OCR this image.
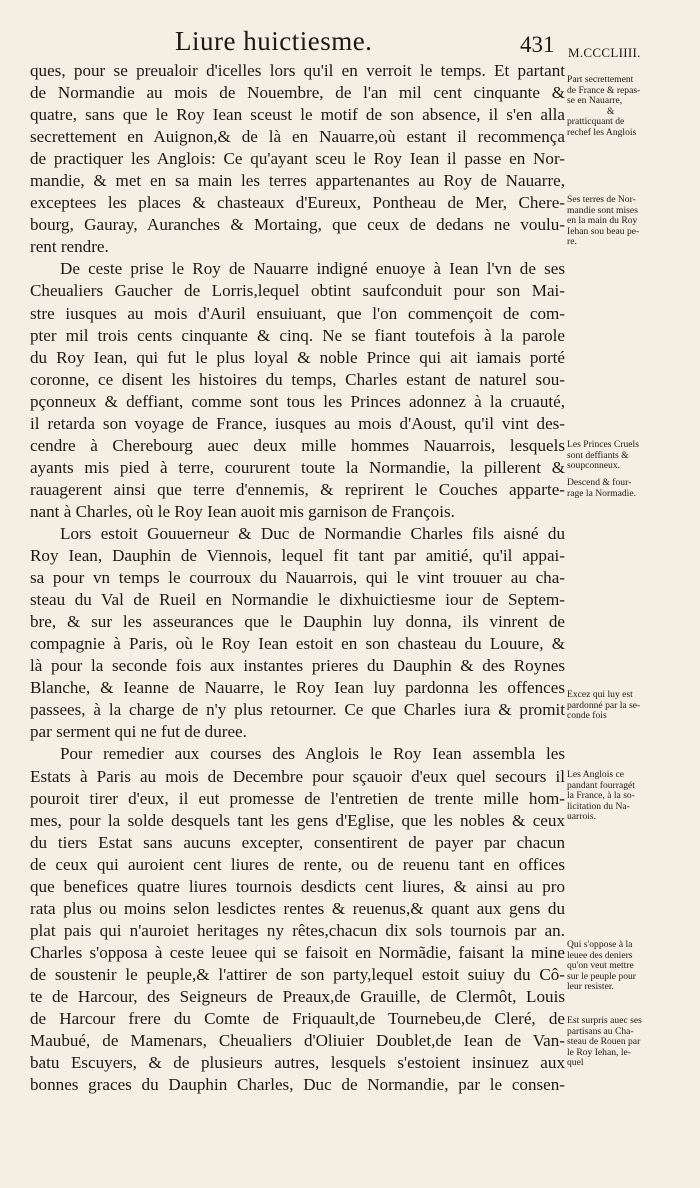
Liure huictiesme.	431 M.CCCLIIII.
ques, pour se preualoir d'icelles lors qu'il en verroit le temps. Et partant
de Normandie au mois de Nouembre, de l'an mil cent cinquante &
quatre, sans que le Roy Iean sceust le motif de son absence, il s'en alla
secrettement en Auignon,& de là en Nauarre,où estant il recommença
de practiquer les Anglois: Ce qu'ayant sceu le Roy Iean il passe en Nor-
mandie, & met en sa main les terres appartenantes au Roy de Nauarre,
exceptees les places & chasteaux d'Eureux, Pontheau de Mer, Chere-
bourg, Gauray, Auranches & Mortaing, que ceux de dedans ne voulu-
rent rendre.
De ceste prise le Roy de Nauarre indigné enuoye à Iean l'vn de ses
Cheualiers Gaucher de Lorris,lequel obtint saufconduit pour son Mai-
stre iusques au mois d'Auril ensuiuant, que l'on commençoit de com-
pter mil trois cents cinquante & cinq. Ne se fiant toutefois à la parole
du Roy Iean, qui fut le plus loyal & noble Prince qui ait iamais porté
coronne, ce disent les histoires du temps, Charles estant de naturel sou-
pçonneux & deffiant, comme sont tous les Princes adonnez à la cruauté,
il retarda son voyage de France, iusques au mois d'Aoust, qu'il vint des-
cendre à Cherebourg auec deux mille hommes Nauarrois, lesquels
ayants mis pied à terre, coururent toute la Normandie, la pillerent &
rauagerent ainsi que terre d'ennemis, & reprirent le Couches apparte-
nant à Charles, où le Roy Iean auoit mis garnison de François.
Lors estoit Gouuerneur & Duc de Normandie Charles fils aisné du
Roy Iean, Dauphin de Viennois, lequel fit tant par amitié, qu'il appai-
sa pour vn temps le courroux du Nauarrois, qui le vint trouuer au cha-
steau du Val de Rueil en Normandie le dixhuictiesme iour de Septem-
bre, & sur les asseurances que le Dauphin luy donna, ils vinrent de
compagnie à Paris, où le Roy Iean estoit en son chasteau du Louure, &
là pour la seconde fois aux instantes prieres du Dauphin & des Roynes
Blanche, & Ieanne de Nauarre, le Roy Iean luy pardonna les offences
passees, à la charge de n'y plus retourner. Ce que Charles iura & promit
par serment qui ne fut de duree.
Pour remedier aux courses des Anglois le Roy Iean assembla les
Estats à Paris au mois de Decembre pour sçauoir d'eux quel secours il
pouroit tirer d'eux, il eut promesse de l'entretien de trente mille hom-
mes, pour la solde desquels tant les gens d'Eglise, que les nobles & ceux
du tiers Estat sans aucuns excepter, consentirent de payer par chacun
de ceux qui auroient cent liures de rente, ou de reuenu tant en offices
que benefices quatre liures tournois desdicts cent liures, & ainsi au pro
rata plus ou moins selon lesdictes rentes & reuenus,& quant aux gens du
plat pais qui n'auroiet heritages ny rêtes,chacun dix sols tournois par an.
Charles s'opposa à ceste leuee qui se faisoit en Normãdie, faisant la mine
de soustenir le peuple,& l'attirer de son party,lequel estoit suiuy du Cô-
te de Harcour, des Seigneurs de Preaux,de Grauille, de Clermôt, Louis
de Harcour frere du Comte de Friquault,de Tournebeu,de Cleré, de
Maubué, de Mamenars, Cheualiers d'Oliuier Doublet,de Iean de Van-
batu Escuyers, & de plusieurs autres, lesquels s'estoient insinuez aux
bonnes graces du Dauphin Charles, Duc de Normandie, par le consen-
Part secrettement
de France & repas-
se en Nauarre,
&
pratticquant de
rechef les Anglois
Ses terres de Nor-
mandie sont mises
en la main du Roy
Iehan sou beau pe-
re.
Les Princes Cruels
sont deffiants &
soupconneux.
Descend & four-
rage la Normadie.
Excez qui luy est
pardonné par la se-
conde fois
Les Anglois ce
pandant fourragét
la France, à la so-
licitation du Na-
uarrois.
Qui s'oppose à la
leuee des deniers
qu'on veut mettre
sur le peuple pour
leur resister.
Est surpris auec ses
partisans au Cha-
steau de Rouen par
le Roy Iehan, le-
quel
